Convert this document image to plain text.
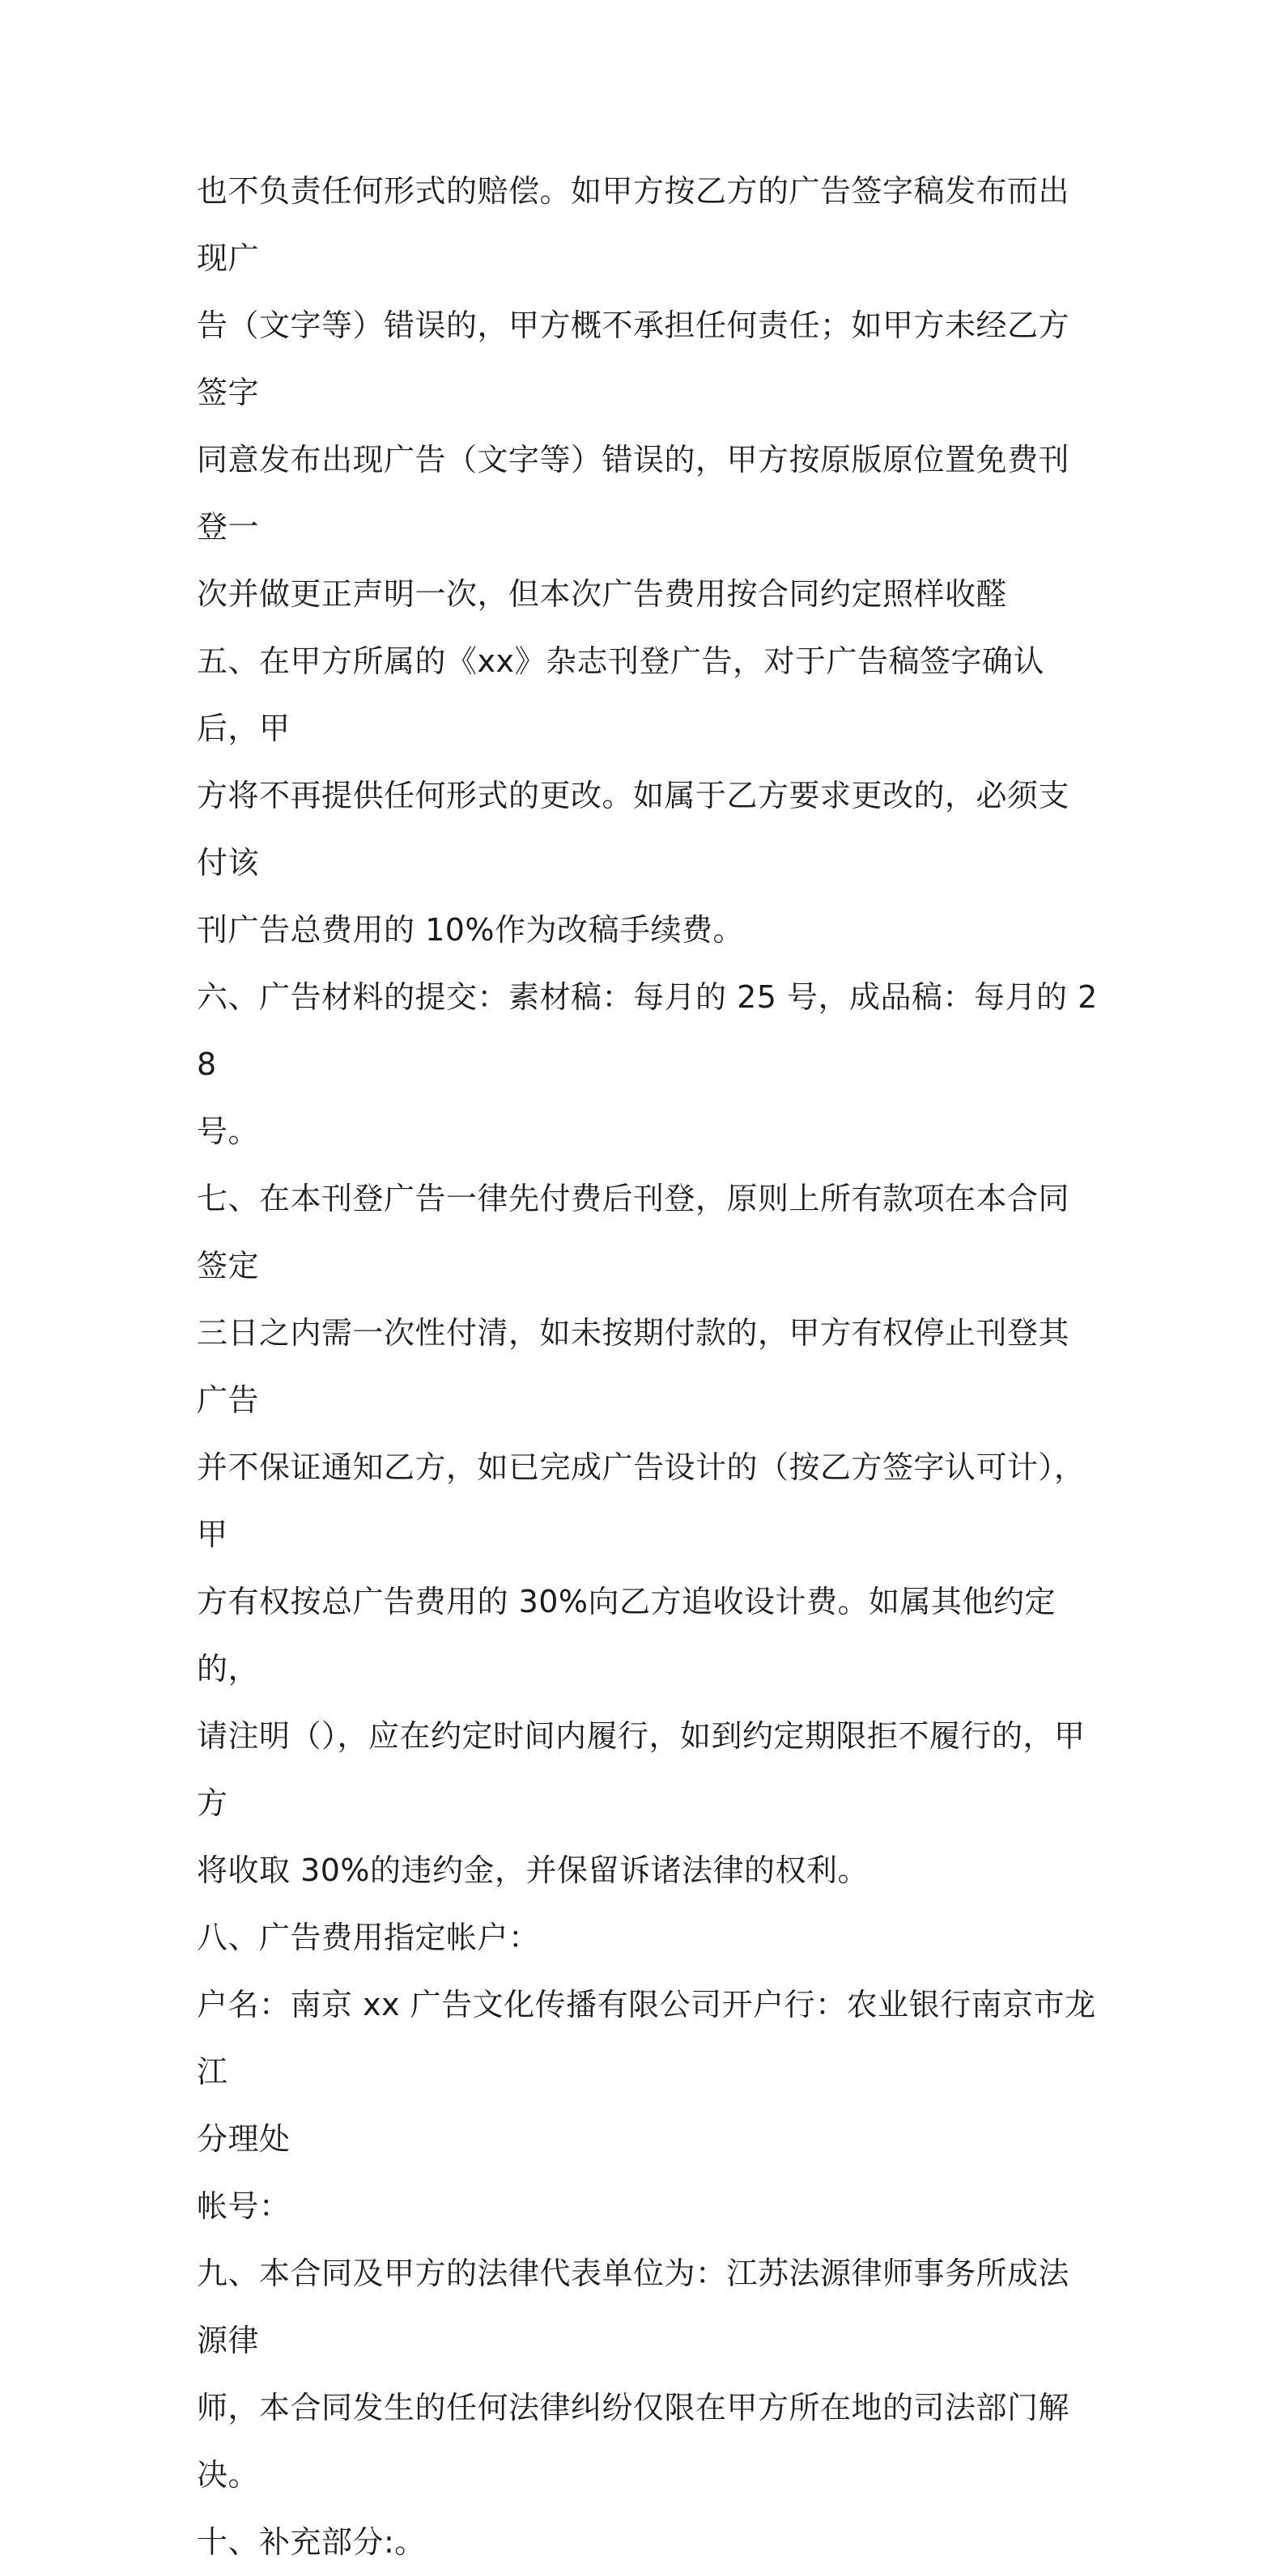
也不负责任何形式的赔偿。如甲方按乙方的广告签字稿发布而出现广
告（文字等）错误的，甲方概不承担任何责任；如甲方未经乙方签字
同意发布出现广告（文字等）错误的，甲方按原版原位置免费刊登一
次并做更正声明一次，但本次广告费用按合同约定照样收醛

五、在甲方所属的《xx》杂志刊登广告，对于广告稿签字确认后，甲
方将不再提供任何形式的更改。如属于乙方要求更改的，必须支付该
刊广告总费用的 10%作为改稿手续费。

六、广告材料的提交：素材稿：每月的 25 号，成品稿：每月的 28
号。

七、在本刊登广告一律先付费后刊登，原则上所有款项在本合同签定
三日之内需一次性付清，如未按期付款的，甲方有权停止刊登其广告
并不保证通知乙方，如已完成广告设计的（按乙方签字认可计），甲
方有权按总广告费用的 30%向乙方追收设计费。如属其他约定的，
请注明（），应在约定时间内履行，如到约定期限拒不履行的，甲方
将收取 30%的违约金，并保留诉诸法律的权利。

八、广告费用指定帐户：

户名：南京 xx 广告文化传播有限公司开户行：农业银行南京市龙江
分理处

帐号：

九、本合同及甲方的法律代表单位为：江苏法源律师事务所成法源律
师，本合同发生的任何法律纠纷仅限在甲方所在地的司法部门解决。

十、补充部分:。
